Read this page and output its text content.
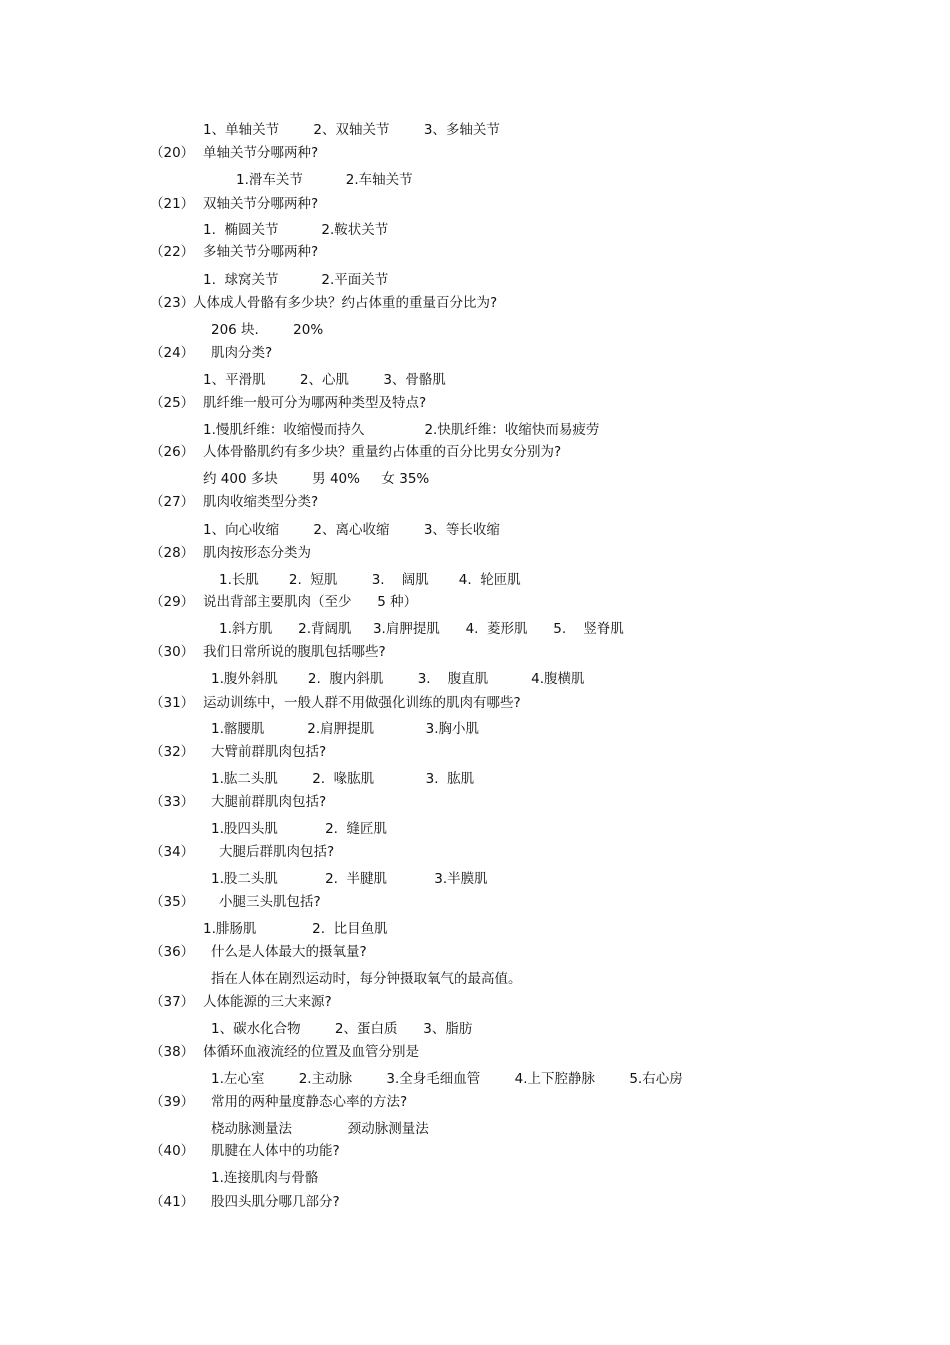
1、单轴关节        2、双轴关节        3、多轴关节
（20） 单轴关节分哪两种?
1.滑车关节          2.车轴关节
（21） 双轴关节分哪两种?
1.  椭圆关节          2.鞍状关节
（22） 多轴关节分哪两种?
1.  球窝关节          2.平面关节
（23）
人体成人骨骼有多少块？约占体重的重量百分比为?
206 块.        20%
（24） 肌肉分类?
1、平滑肌        2、心肌        3、骨骼肌
（25） 肌纤维一般可分为哪两种类型及特点?
1.慢肌纤维：收缩慢而持久              2.快肌纤维：收缩快而易疲劳
（26） 人体骨骼肌约有多少块？重量约占体重的百分比男女分别为?
约 400 多块        男 40%     女 35%
（27） 肌肉收缩类型分类?
1、向心收缩        2、离心收缩        3、等长收缩
（28） 肌肉按形态分类为
1.长肌       2.  短肌        3.    阔肌       4.  轮匝肌
（29） 说出背部主要肌肉（至少      5 种）
1.斜方肌      2.背阔肌     3.肩胛提肌      4.  菱形肌      5.    竖脊肌
（30） 我们日常所说的腹肌包括哪些?
1.腹外斜肌       2.  腹内斜肌        3.    腹直肌          4.腹横肌
（31） 运动训练中，一般人群不用做强化训练的肌肉有哪些?
1.髂腰肌          2.肩胛提肌            3.胸小肌
（32） 大臂前群肌肉包括?
1.肱二头肌        2.  喙肱肌            3.  肱肌
（33） 大腿前群肌肉包括?
1.股四头肌           2.  缝匠肌
（34） 大腿后群肌肉包括?
1.股二头肌           2.  半腱肌           3.半膜肌
（35） 小腿三头肌包括?
1.腓肠肌             2.  比目鱼肌
（36） 什么是人体最大的摄氧量?
指在人体在剧烈运动时，每分钟摄取氧气的最高值。
（37） 人体能源的三大来源?
1、碳水化合物        2、蛋白质      3、脂肪
（38） 体循环血液流经的位置及血管分别是
1.左心室        2.主动脉        3.全身毛细血管        4.上下腔静脉        5.右心房
（39） 常用的两种量度静态心率的方法?
桡动脉测量法             颈动脉测量法
（40） 肌腱在人体中的功能?
1.连接肌肉与骨骼
（41） 股四头肌分哪几部分?
